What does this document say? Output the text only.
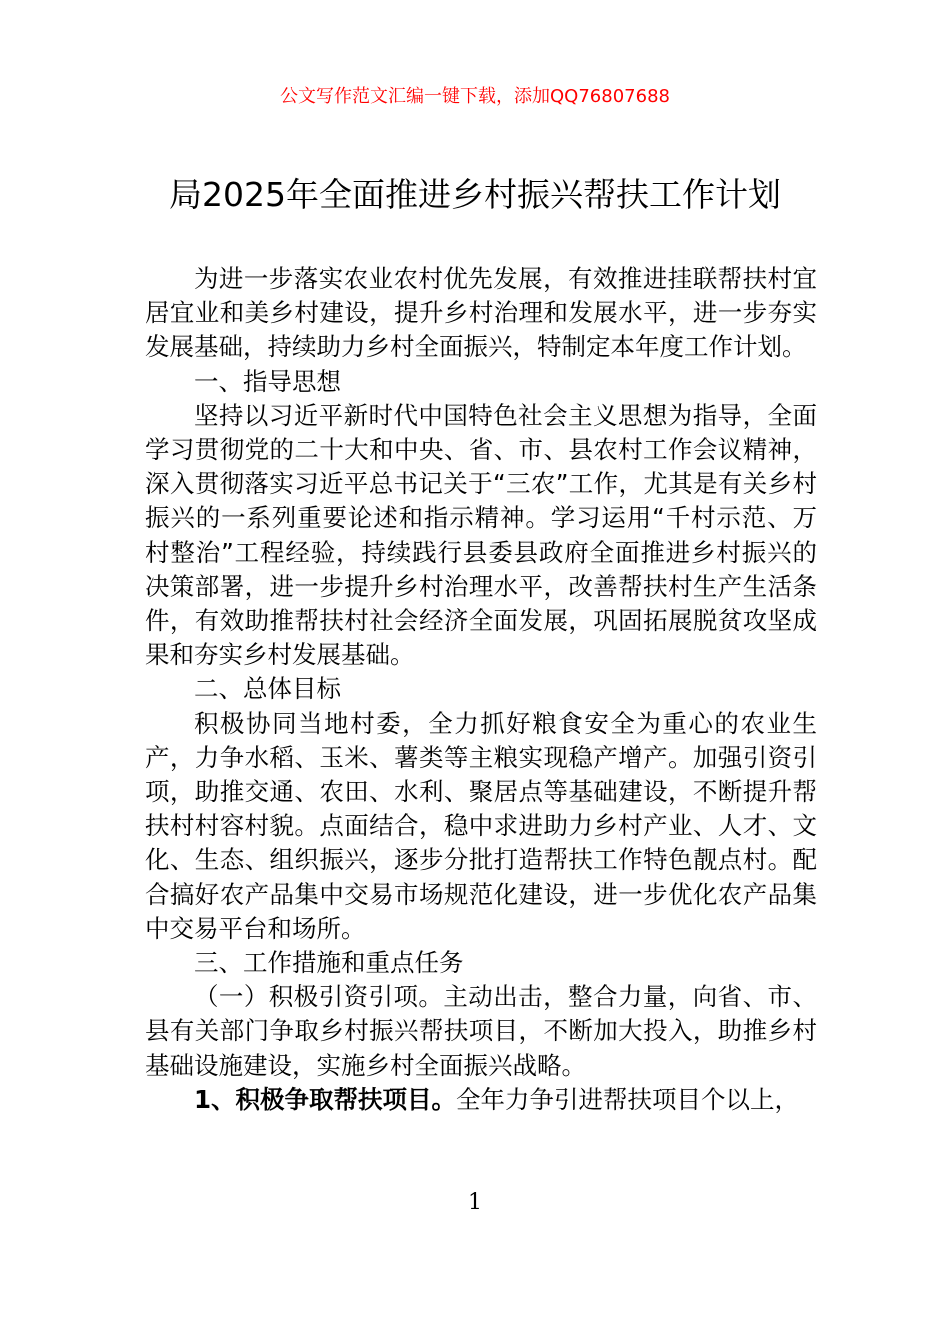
公文写作范文汇编一键下载，添加QQ76807688
局2025年全面推进乡村振兴帮扶工作计划

为进一步落实农业农村优先发展，有效推进挂联帮扶村宜居宜业和美乡村建设，提升乡村治理和发展水平，进一步夯实发展基础，持续助力乡村全面振兴，特制定本年度工作计划。

一、指导思想

坚持以习近平新时代中国特色社会主义思想为指导，全面学习贯彻党的二十大和中央、省、市、县农村工作会议精神，深入贯彻落实习近平总书记关于“三农”工作，尤其是有关乡村振兴的一系列重要论述和指示精神。学习运用“千村示范、万村整治”工程经验，持续践行县委县政府全面推进乡村振兴的决策部署，进一步提升乡村治理水平，改善帮扶村生产生活条件，有效助推帮扶村社会经济全面发展，巩固拓展脱贫攻坚成果和夯实乡村发展基础。

二、总体目标

积极协同当地村委，全力抓好粮食安全为重心的农业生产，力争水稻、玉米、薯类等主粮实现稳产增产。加强引资引项，助推交通、农田、水利、聚居点等基础建设，不断提升帮扶村村容村貌。点面结合，稳中求进助力乡村产业、人才、文化、生态、组织振兴，逐步分批打造帮扶工作特色靓点村。配合搞好农产品集中交易市场规范化建设，进一步优化农产品集中交易平台和场所。

三、工作措施和重点任务

（一）积极引资引项。主动出击，整合力量，向省、市、县有关部门争取乡村振兴帮扶项目，不断加大投入，助推乡村基础设施建设，实施乡村全面振兴战略。

1、积极争取帮扶项目。全年力争引进帮扶项目个以上，

1
